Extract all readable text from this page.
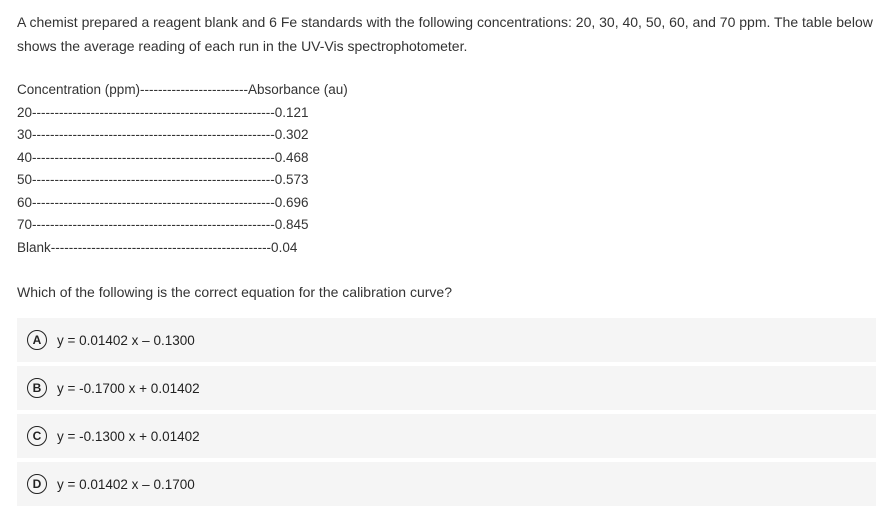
A chemist prepared a reagent blank and 6 Fe standards with the following concentrations: 20, 30, 40, 50, 60, and 70 ppm. The table below shows the average reading of each run in the UV-Vis spectrophotometer.
Concentration (ppm)------------------------Absorbance (au)
20------------------------------------------------------0.121
30------------------------------------------------------0.302
40------------------------------------------------------0.468
50------------------------------------------------------0.573
60------------------------------------------------------0.696
70------------------------------------------------------0.845
Blank-------------------------------------------------0.04
Which of the following is the correct equation for the calibration curve?
A	y = 0.01402 x – 0.1300
B	y = -0.1700 x + 0.01402
C	y = -0.1300 x + 0.01402
D	y = 0.01402 x – 0.1700
